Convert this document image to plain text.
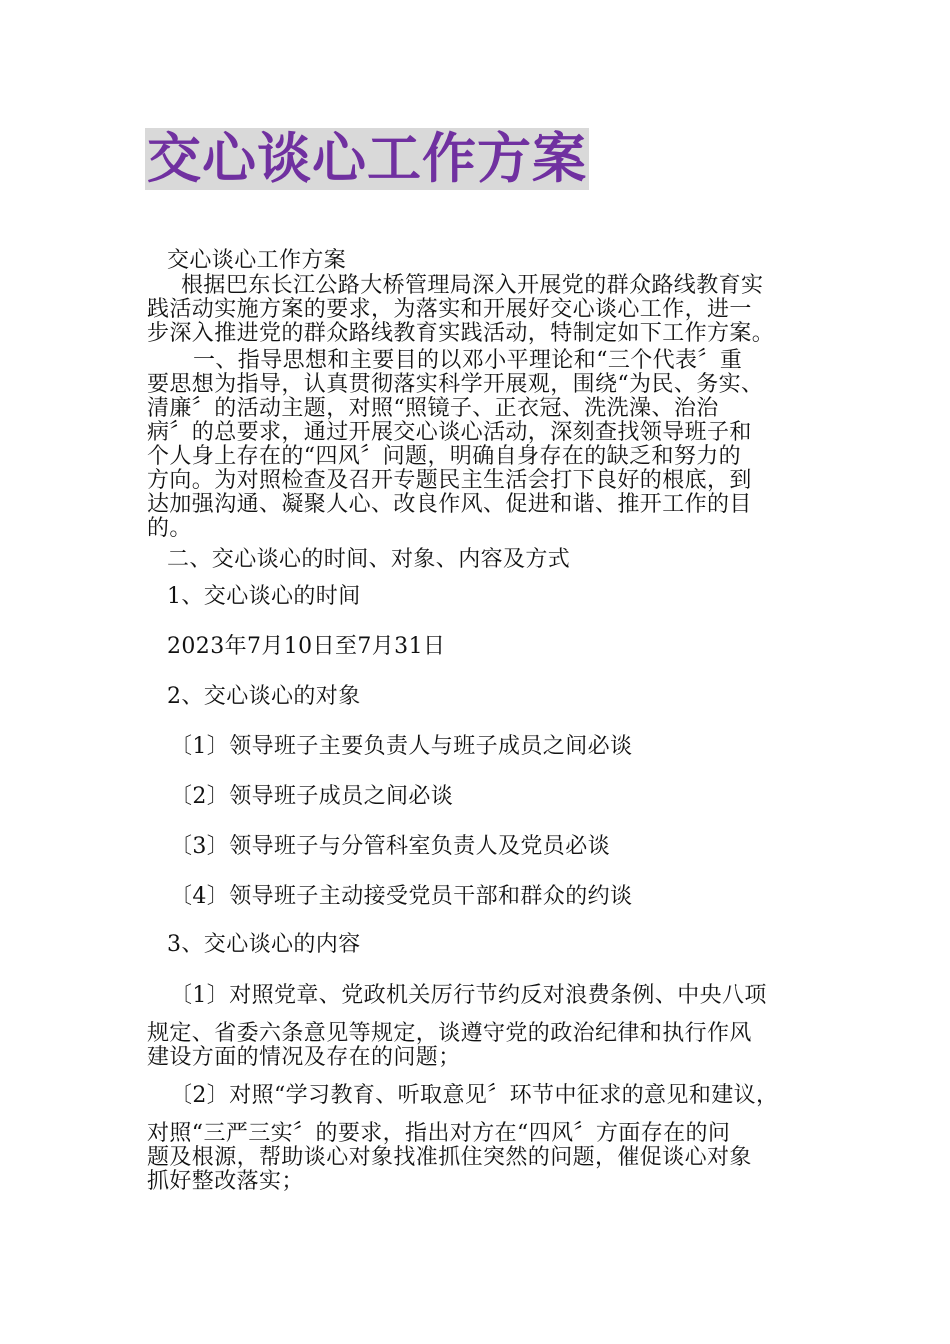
交心谈心工作方案

交心谈心工作方案

根据巴东长江公路大桥管理局深入开展党的群众路线教育实
践活动实施方案的要求，为落实和开展好交心谈心工作，进一
步深入推进党的群众路线教育实践活动，特制定如下工作方案。
一、指导思想和主要目的以邓小平理论和“三个代表〞重
要思想为指导，认真贯彻落实科学开展观，围绕“为民、务实、
清廉〞的活动主题，对照“照镜子、正衣冠、洗洗澡、治治
病〞的总要求，通过开展交心谈心活动，深刻查找领导班子和
个人身上存在的“四风〞问题，明确自身存在的缺乏和努力的
方向。为对照检查及召开专题民主生活会打下良好的根底，到
达加强沟通、凝聚人心、改良作风、促进和谐、推开工作的目
的。

二、交心谈心的时间、对象、内容及方式

1、交心谈心的时间

2023年7月10日至7月31日

2、交心谈心的对象

〔1〕领导班子主要负责人与班子成员之间必谈

〔2〕领导班子成员之间必谈

〔3〕领导班子与分管科室负责人及党员必谈

〔4〕领导班子主动接受党员干部和群众的约谈

3、交心谈心的内容

〔1〕对照党章、党政机关厉行节约反对浪费条例、中央八项

规定、省委六条意见等规定，谈遵守党的政治纪律和执行作风
建设方面的情况及存在的问题；

〔2〕对照“学习教育、听取意见〞环节中征求的意见和建议，

对照“三严三实〞的要求，指出对方在“四风〞方面存在的问
题及根源，帮助谈心对象找准抓住突然的问题，催促谈心对象
抓好整改落实；
